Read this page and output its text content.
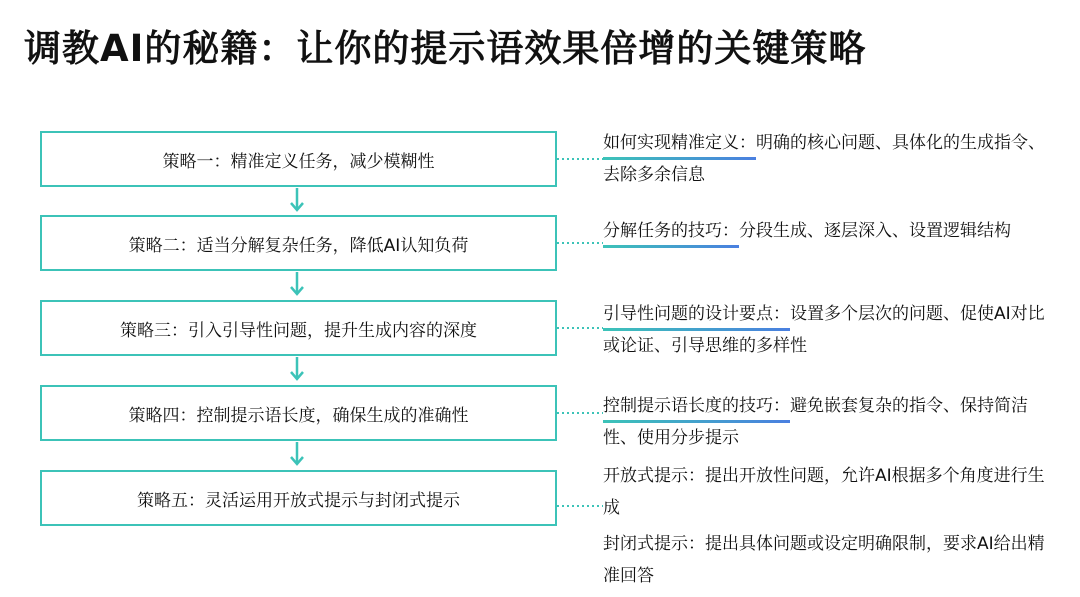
调教AI的秘籍：让你的提示语效果倍增的关键策略
策略一：精准定义任务，减少模糊性
策略二：适当分解复杂任务，降低AI认知负荷
策略三：引入引导性问题，提升生成内容的深度
策略四：控制提示语长度，确保生成的准确性
策略五：灵活运用开放式提示与封闭式提示
如何实现精准定义：
明确的核心问题、具体化的生成指令、去除多余信息
分解任务的技巧：
分段生成、逐层深入、设置逻辑结构
引导性问题的设计要点：
设置多个层次的问题、促使AI对比或论证、引导思维的多样性
控制提示语长度的技巧：
避免嵌套复杂的指令、保持简洁性、使用分步提示
开放式提示：提出开放性问题，允许AI根据多个角度进行生成
封闭式提示：提出具体问题或设定明确限制，要求AI给出精准回答
